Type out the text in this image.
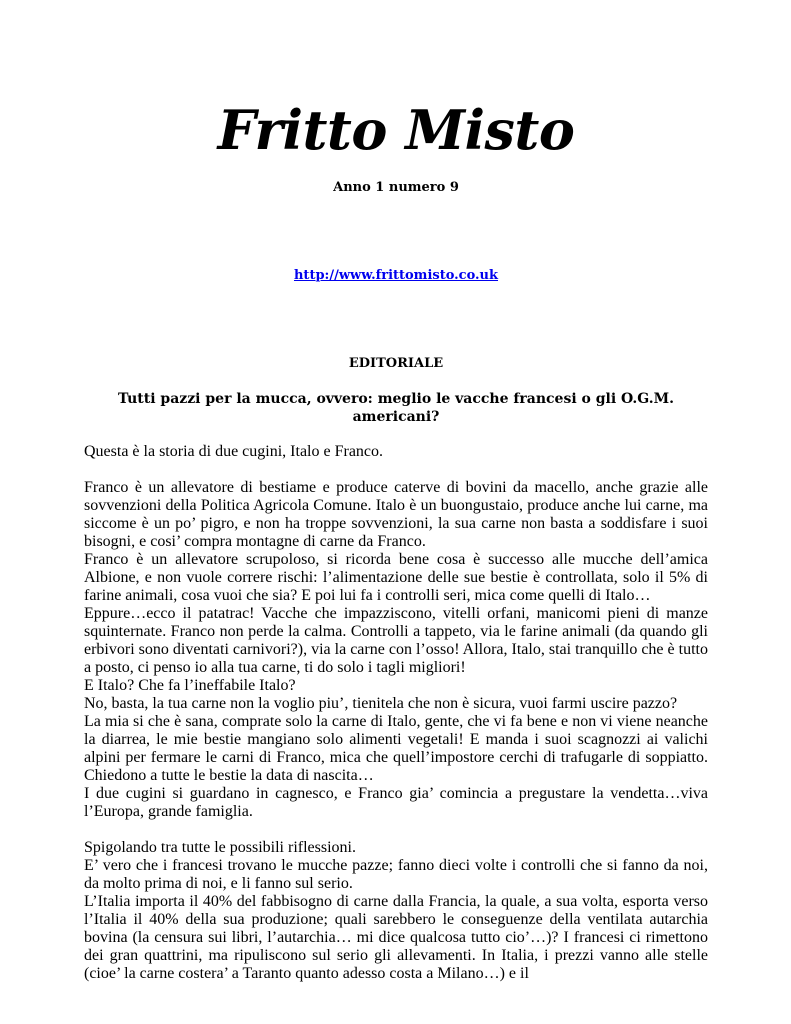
Fritto Misto
Anno 1 numero 9
http://www.frittomisto.co.uk
EDITORIALE
Tutti pazzi per la mucca, ovvero: meglio le vacche francesi o gli O.G.M. americani?

Questa è la storia di due cugini, Italo e Franco.

Franco è un allevatore di bestiame e produce caterve di bovini da macello, anche grazie alle sovvenzioni della Politica Agricola Comune. Italo è un buongustaio, produce anche lui carne, ma siccome è un po’ pigro, e non ha troppe sovvenzioni, la sua carne non basta a soddisfare i suoi bisogni, e cosi’ compra montagne di carne da Franco.

Franco è un allevatore scrupoloso, si ricorda bene cosa è successo alle mucche dell’amica Albione, e non vuole correre rischi: l’alimentazione delle sue bestie è controllata, solo il 5% di farine animali, cosa vuoi che sia? E poi lui fa i controlli seri, mica come quelli di Italo…

Eppure…ecco il patatrac! Vacche che impazziscono, vitelli orfani, manicomi pieni di manze squinternate. Franco non perde la calma. Controlli a tappeto, via le farine animali (da quando gli erbivori sono diventati carnivori?), via la carne con l’osso! Allora, Italo, stai tranquillo che è tutto a posto, ci penso io alla tua carne, ti do solo i tagli migliori!

E Italo? Che fa l’ineffabile Italo?

No, basta, la tua carne non la voglio piu’, tienitela che non è sicura, vuoi farmi uscire pazzo?

La mia si che è sana, comprate solo la carne di Italo, gente, che vi fa bene e non vi viene neanche la diarrea, le mie bestie mangiano solo alimenti vegetali! E manda i suoi scagnozzi ai valichi alpini per fermare le carni di Franco, mica che quell’impostore cerchi di trafugarle di soppiatto. Chiedono a tutte le bestie la data di nascita…

I due cugini si guardano in cagnesco, e Franco gia’ comincia a pregustare la vendetta…viva l’Europa, grande famiglia.

Spigolando tra tutte le possibili riflessioni.

E’ vero che i francesi trovano le mucche pazze; fanno dieci volte i controlli che si fanno da noi, da molto prima di noi, e li fanno sul serio.

L’Italia importa il 40% del fabbisogno di carne dalla Francia, la quale, a sua volta, esporta verso l’Italia il 40% della sua produzione; quali sarebbero le conseguenze della ventilata autarchia bovina (la censura sui libri, l’autarchia… mi dice qualcosa tutto cio’…)? I francesi ci rimettono dei gran quattrini, ma ripuliscono sul serio gli allevamenti. In Italia, i prezzi vanno alle stelle (cioe’ la carne costera’ a Taranto quanto adesso costa a Milano…) e il
